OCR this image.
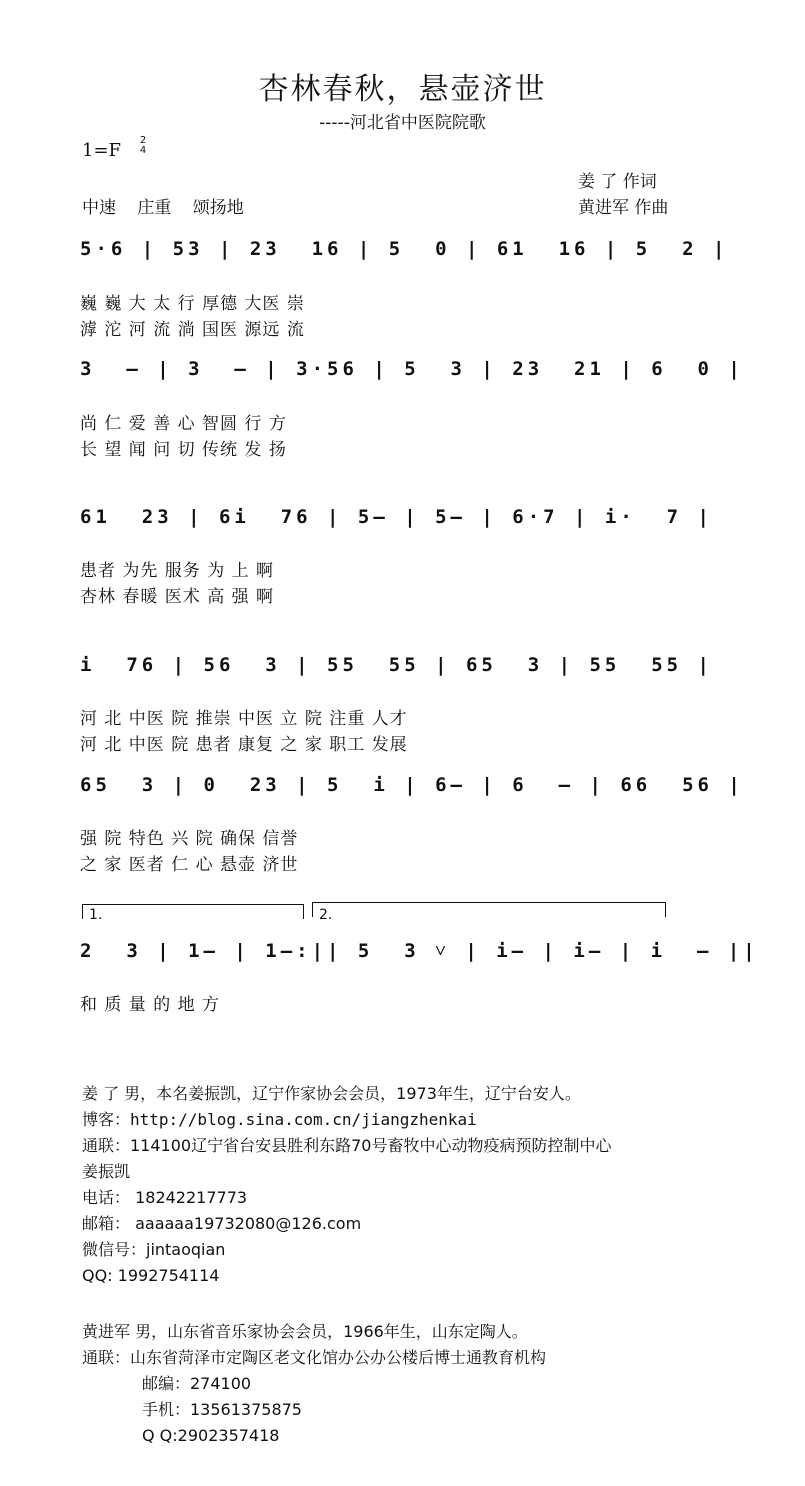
杏林春秋，悬壶济世
-----河北省中医院院歌
1=F 2
4
姜 了 作词
黄进军 作曲
中速 庄重 颂扬地
5·6 | 53 | 23  16 | 5  0 | 61  16 | 5  2 |
巍 巍 大 太 行 厚德 大医 崇
滹 沱 河 流 淌 国医 源远 流
3  — | 3  — | 3·56 | 5  3 | 23  21 | 6  0 |
尚 仁 爱 善 心 智圆 行 方
长 望 闻 问 切 传统 发 扬
61  23 | 6i  76 | 5— | 5— | 6·7 | i·  7 |
患者 为先 服务 为 上 啊
杏林 春暖 医术 高 强 啊
i  76 | 56  3 | 55  55 | 65  3 | 55  55 |
河 北 中医 院 推崇 中医 立 院 注重 人才
河 北 中医 院 患者 康复 之 家 职工 发展
65  3 | 0  23 | 5  i | 6— | 6  — | 66  56 |
强 院 特色 兴 院 确保 信誉
之 家 医者 仁 心 悬壶 济世
1.	2.
2  3 | 1— | 1—:|| 5  3 ˅ | i— | i— | i  — ||
和 质 量 的 地 方
姜 了 男，本名姜振凯，辽宁作家协会会员，1973年生，辽宁台安人。
博客：http://blog.sina.com.cn/jiangzhenkai
通联：114100辽宁省台安县胜利东路70号畜牧中心动物疫病预防控制中心
姜振凯
电话： 18242217773
邮箱： aaaaaa19732080@126.com
微信号：jintaoqian
QQ: 1992754114
黄进军 男，山东省音乐家协会会员，1966年生，山东定陶人。
通联：山东省菏泽市定陶区老文化馆办公办公楼后博士通教育机构
邮编：274100
手机：13561375875
Q Q:2902357418
